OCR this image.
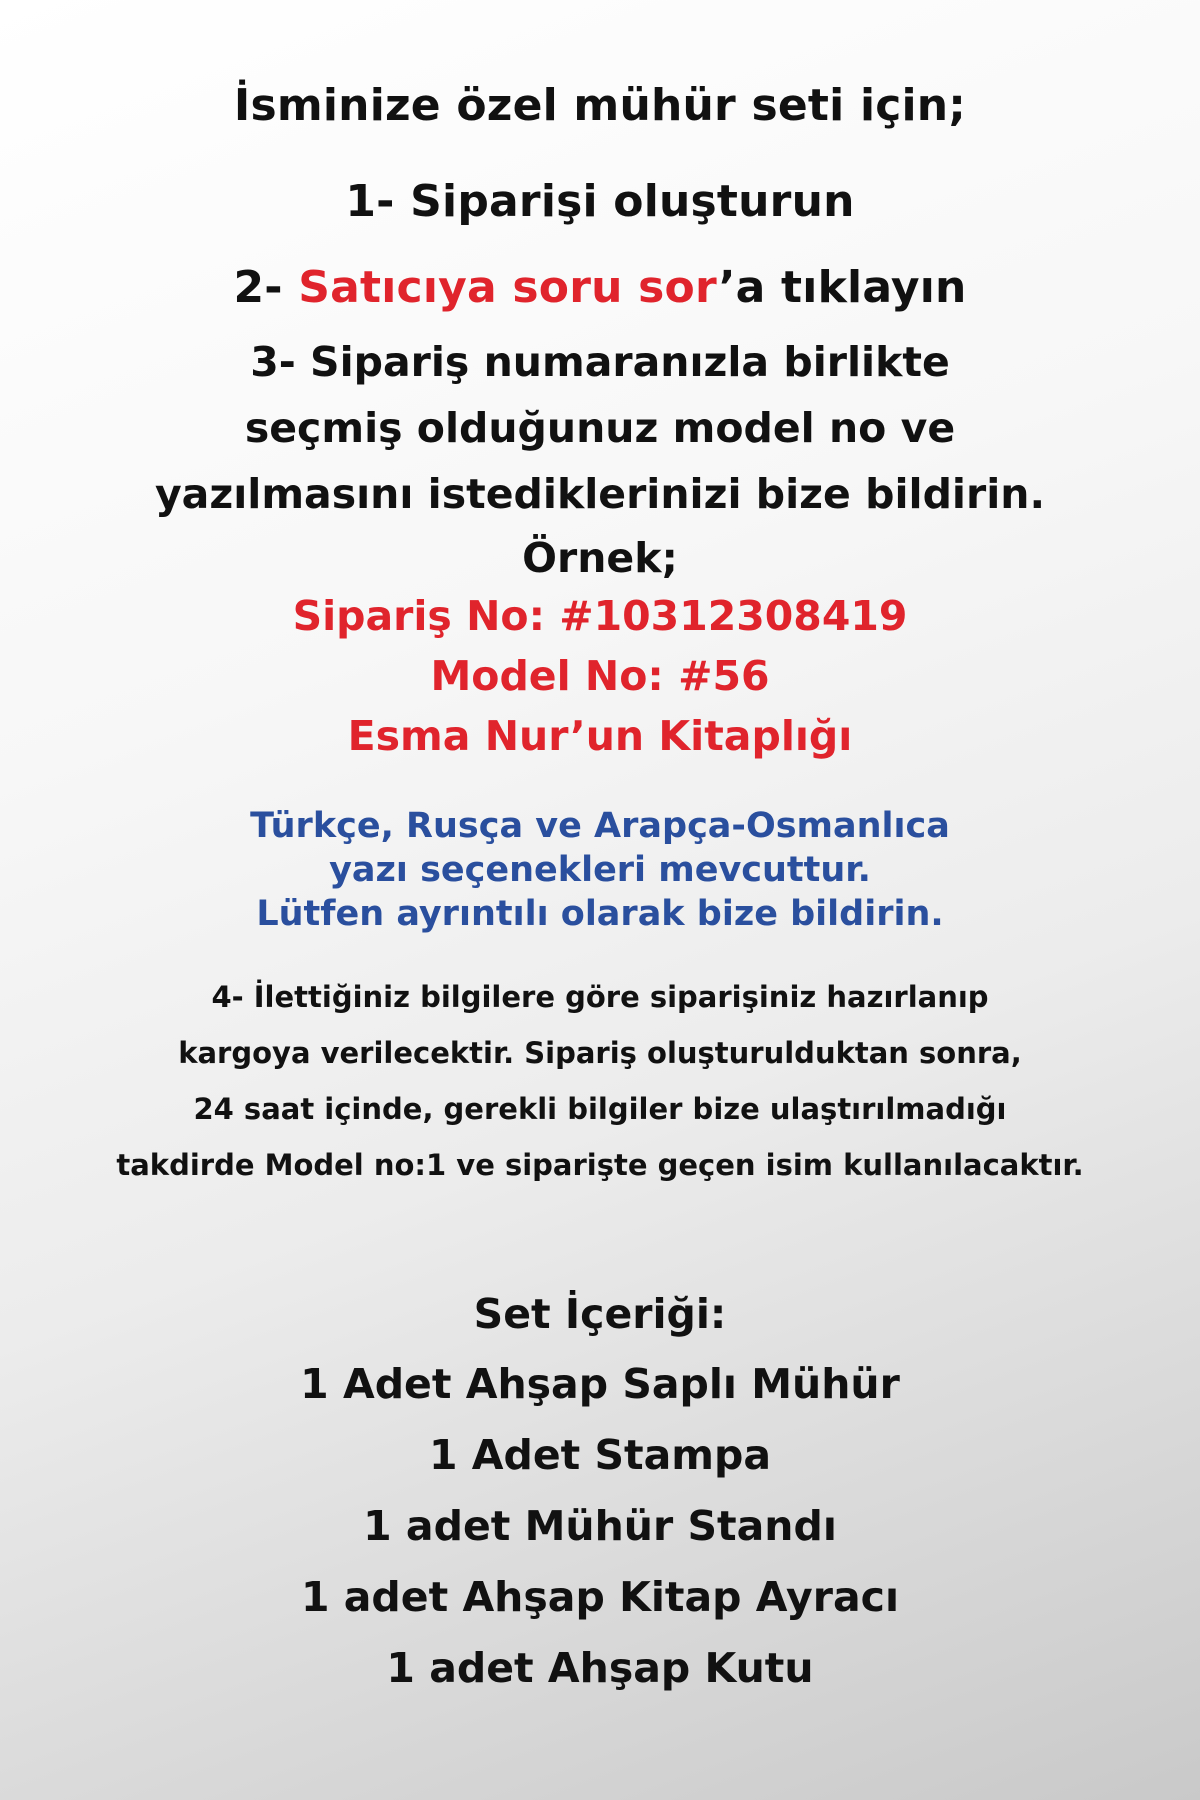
İsminize özel mühür seti için;

1- Siparişi oluşturun

2- Satıcıya soru sor’a tıklayın

3- Sipariş numaranızla birlikte

seçmiş olduğunuz model no ve

yazılmasını istediklerinizi bize bildirin.

Örnek;

Sipariş No: #10312308419

Model No: #56

Esma Nur’un Kitaplığı

Türkçe, Rusça ve Arapça-Osmanlıca

yazı seçenekleri mevcuttur.

Lütfen ayrıntılı olarak bize bildirin.

4- İlettiğiniz bilgilere göre siparişiniz hazırlanıp

kargoya verilecektir. Sipariş oluşturulduktan sonra,

24 saat içinde, gerekli bilgiler bize ulaştırılmadığı

takdirde Model no:1 ve siparişte geçen isim kullanılacaktır.

Set İçeriği:

1 Adet Ahşap Saplı Mühür

1 Adet Stampa

1 adet Mühür Standı

1 adet Ahşap Kitap Ayracı

1 adet Ahşap Kutu
